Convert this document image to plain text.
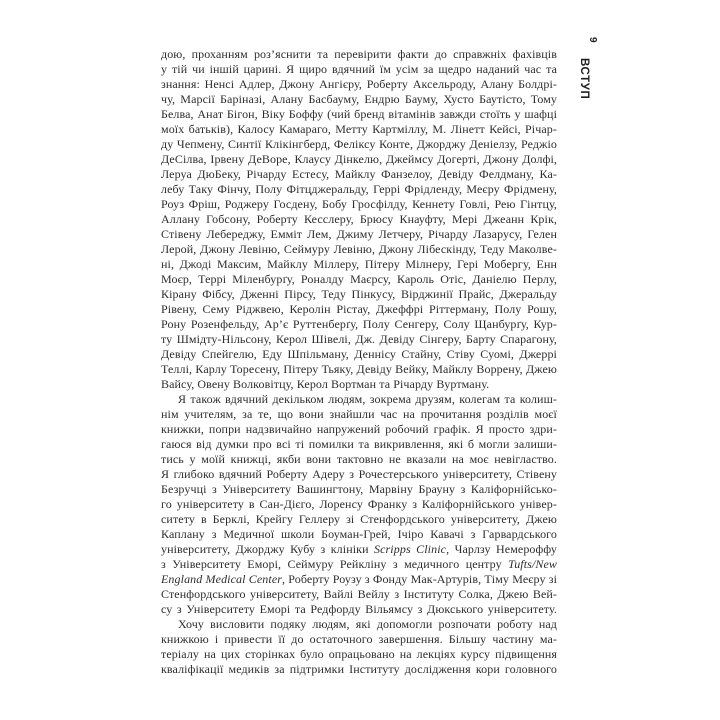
9
ВСТУП
дою, проханням роз’яснити та перевірити факти до справжніх фахівців
у тій чи іншій царині. Я щиро вдячний їм усім за щедро наданий час та
знання: Ненсі Адлер, Джону Ангієру, Роберту Аксельроду, Алану Болдрі-
чу, Марсії Баріназі, Алану Басбауму, Ендрю Бауму, Хусто Баутісто, Тому
Белва, Анат Бігон, Віку Боффу (чий бренд вітамінів завжди стоїть у шафці
моїх батьків), Калосу Камараго, Метту Картміллу, М. Лінетт Кейсі, Річар-
ду Чепмену, Синтії Клікінгберд, Феліксу Конте, Джорджу Деніелзу, Реджіо
ДеСілва, Ірвену ДеВоре, Клаусу Дінкелю, Джеймсу Догерті, Джону Долфі,
Леруа ДюБеку, Річарду Естесу, Майклу Фанзелоу, Девіду Фелдману, Ка-
лебу Таку Фінчу, Полу Фітцджеральду, Геррі Фрідленду, Меєру Фрідмену,
Роуз Фріш, Роджеру Госдену, Бобу Гросфілду, Кеннету Говлі, Рею Гінтцу,
Аллану Гобсону, Роберту Кесслеру, Брюсу Кнауфту, Мері Джеанн Крік,
Стівену Лебереджу, Емміт Лем, Джиму Летчеру, Річарду Лазарусу, Гелен
Лерой, Джону Левіню, Сеймуру Левіню, Джону Лібескінду, Теду Маколве-
ні, Джоді Максим, Майклу Міллеру, Пітеру Мілнеру, Гері Мобергу, Енн
Моєр, Террі Міленбурґу, Роналду Маєрсу, Кароль Отіс, Даніелю Перлу,
Кірану Фібсу, Дженні Пірсу, Теду Пінкусу, Вірджинії Прайс, Джеральду
Рівену, Сему Ріджвею, Керолін Рістау, Джеффрі Ріттерману, Полу Рошу,
Рону Розенфельду, Ар’є Руттенберґу, Полу Сенгеру, Солу Щанбурґу, Кур-
ту Шмідту-Нільсону, Керол Шівелі, Дж. Девіду Сінгеру, Барту Спарагону,
Девіду Спейгелю, Еду Шпільману, Деннісу Стайну, Стіву Суомі, Джеррі
Теллі, Карлу Торесену, Пітеру Тьяку, Девіду Вейку, Майклу Воррену, Джею
Вайсу, Овену Волковітцу, Керол Вортман та Річарду Вуртману.
Я також вдячний декільком людям, зокрема друзям, колегам та колиш-
нім учителям, за те, що вони знайшли час на прочитання розділів моєї
книжки, попри надзвичайно напружений робочий графік. Я просто здри-
гаюся від думки про всі ті помилки та викривлення, які б могли залиши-
тись у моїй книжці, якби вони тактовно не вказали на моє невігластво.
Я глибоко вдячний Роберту Адеру з Рочестерського університету, Стівену
Безручці з Університету Вашингтону, Марвіну Брауну з Каліфорнійсько-
го університету в Сан-Дієго, Лоренсу Франку з Каліфорнійського універ-
ситету в Берклі, Крейгу Геллеру зі Стенфордського університету, Джею
Каплану з Медичної школи Боуман-Грей, Ічіро Кавачі з Гарвардського
університету, Джорджу Кубу з клініки Scripps Clinic, Чарлзу Немероффу
з Університету Еморі, Сеймуру Рейкліну з медичного центру Tufts/New
England Medical Center, Роберту Роузу з Фонду Мак-Артурів, Тіму Меєру зі
Стенфордського університету, Вайлі Вейлу з Інституту Солка, Джею Вей-
су з Університету Еморі та Редфорду Вільямсу з Дюкського університету.
Хочу висловити подяку людям, які допомогли розпочати роботу над
книжкою і привести її до остаточного завершення. Більшу частину ма-
теріалу на цих сторінках було опрацьовано на лекціях курсу підвищення
кваліфікації медиків за підтримки Інституту дослідження кори головного
